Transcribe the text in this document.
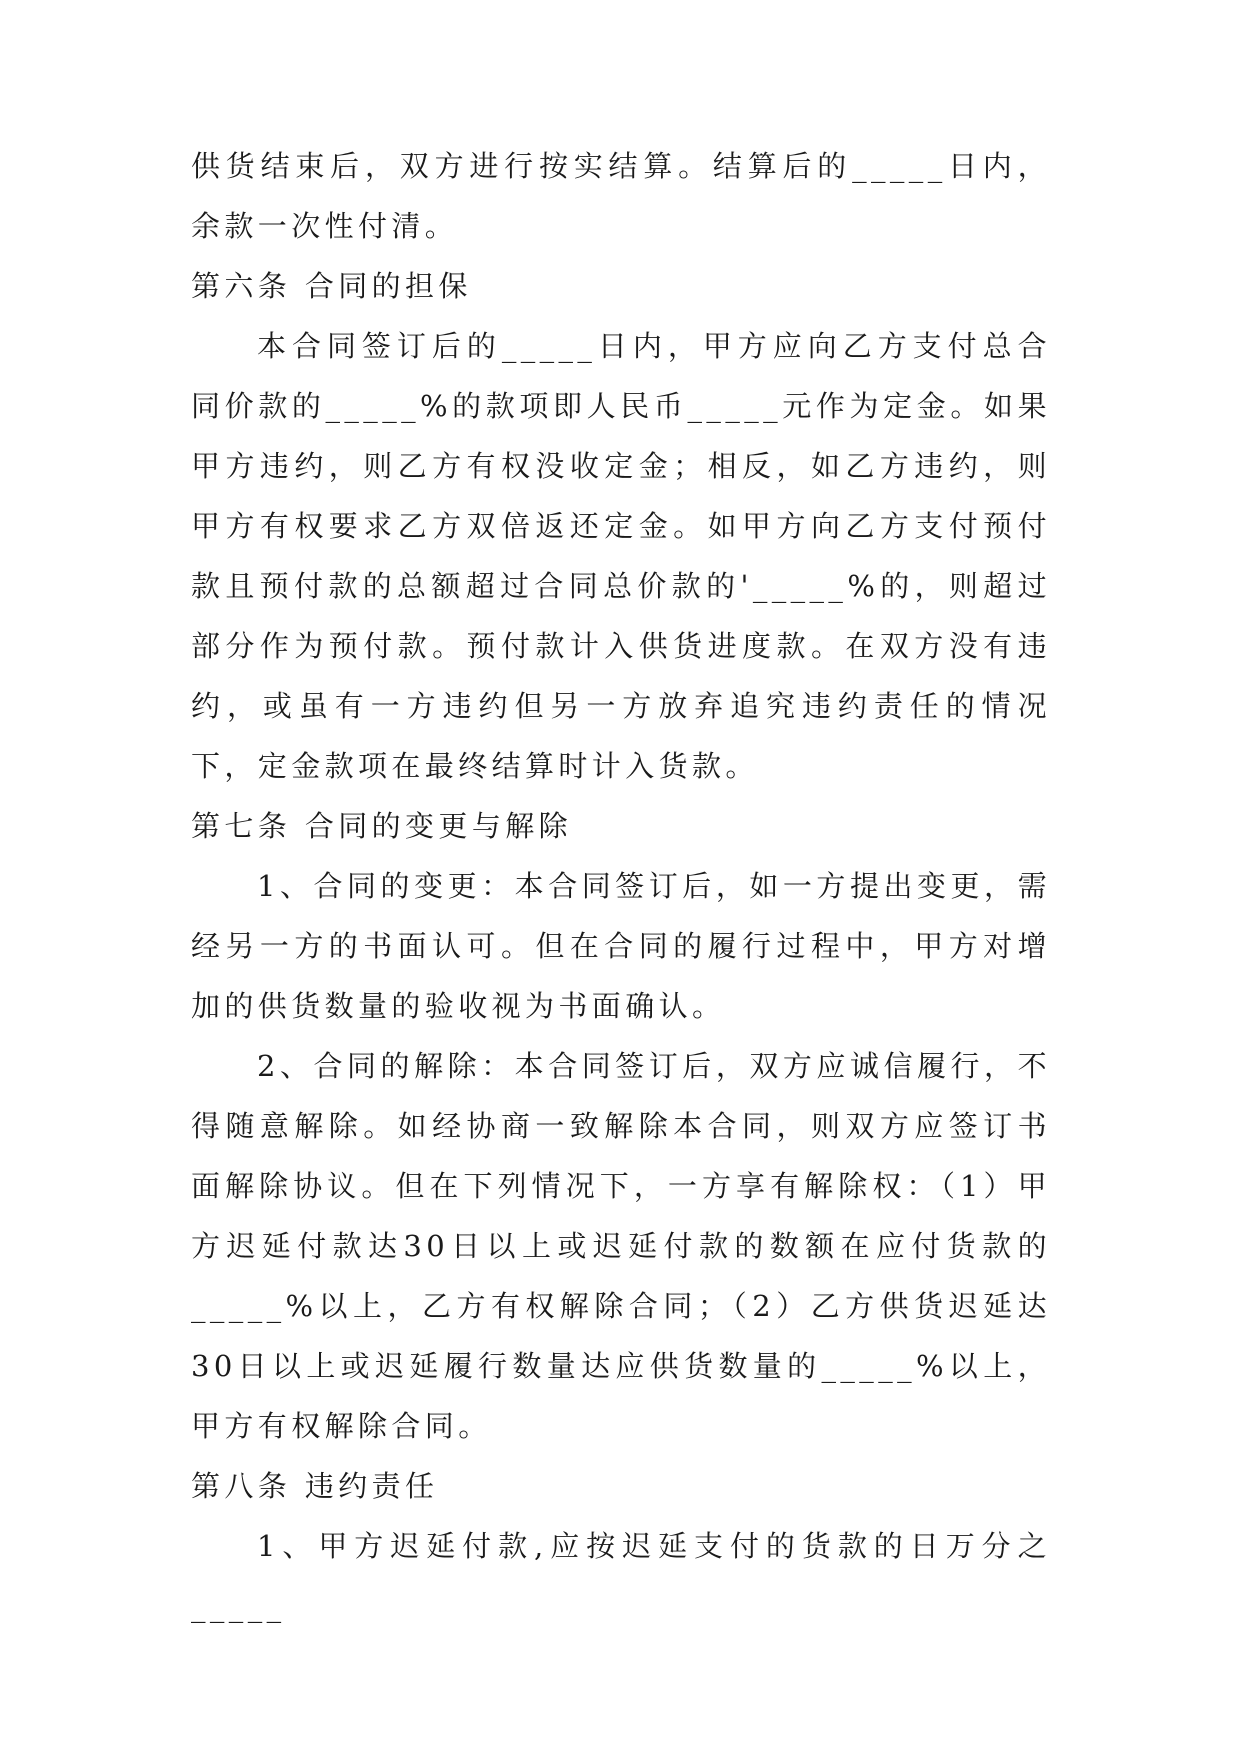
供货结束后，双方进行按实结算。结算后的_____日内，余款一次性付清。

第六条 合同的担保

本合同签订后的_____日内，甲方应向乙方支付总合同价款的_____%的款项即人民币_____元作为定金。如果甲方违约，则乙方有权没收定金；相反，如乙方违约，则甲方有权要求乙方双倍返还定金。如甲方向乙方支付预付款且预付款的总额超过合同总价款的'_____%的，则超过部分作为预付款。预付款计入供货进度款。在双方没有违约，或虽有一方违约但另一方放弃追究违约责任的情况下，定金款项在最终结算时计入货款。

第七条 合同的变更与解除

1、合同的变更：本合同签订后，如一方提出变更，需经另一方的书面认可。但在合同的履行过程中，甲方对增加的供货数量的验收视为书面确认。

2、合同的解除：本合同签订后，双方应诚信履行，不得随意解除。如经协商一致解除本合同，则双方应签订书面解除协议。但在下列情况下，一方享有解除权：（1）甲方迟延付款达30日以上或迟延付款的数额在应付货款的_____%以上，乙方有权解除合同；（2）乙方供货迟延达30日以上或迟延履行数量达应供货数量的_____%以上，甲方有权解除合同。

第八条 违约责任

1、甲方迟延付款,应按迟延支付的货款的日万分之_____
